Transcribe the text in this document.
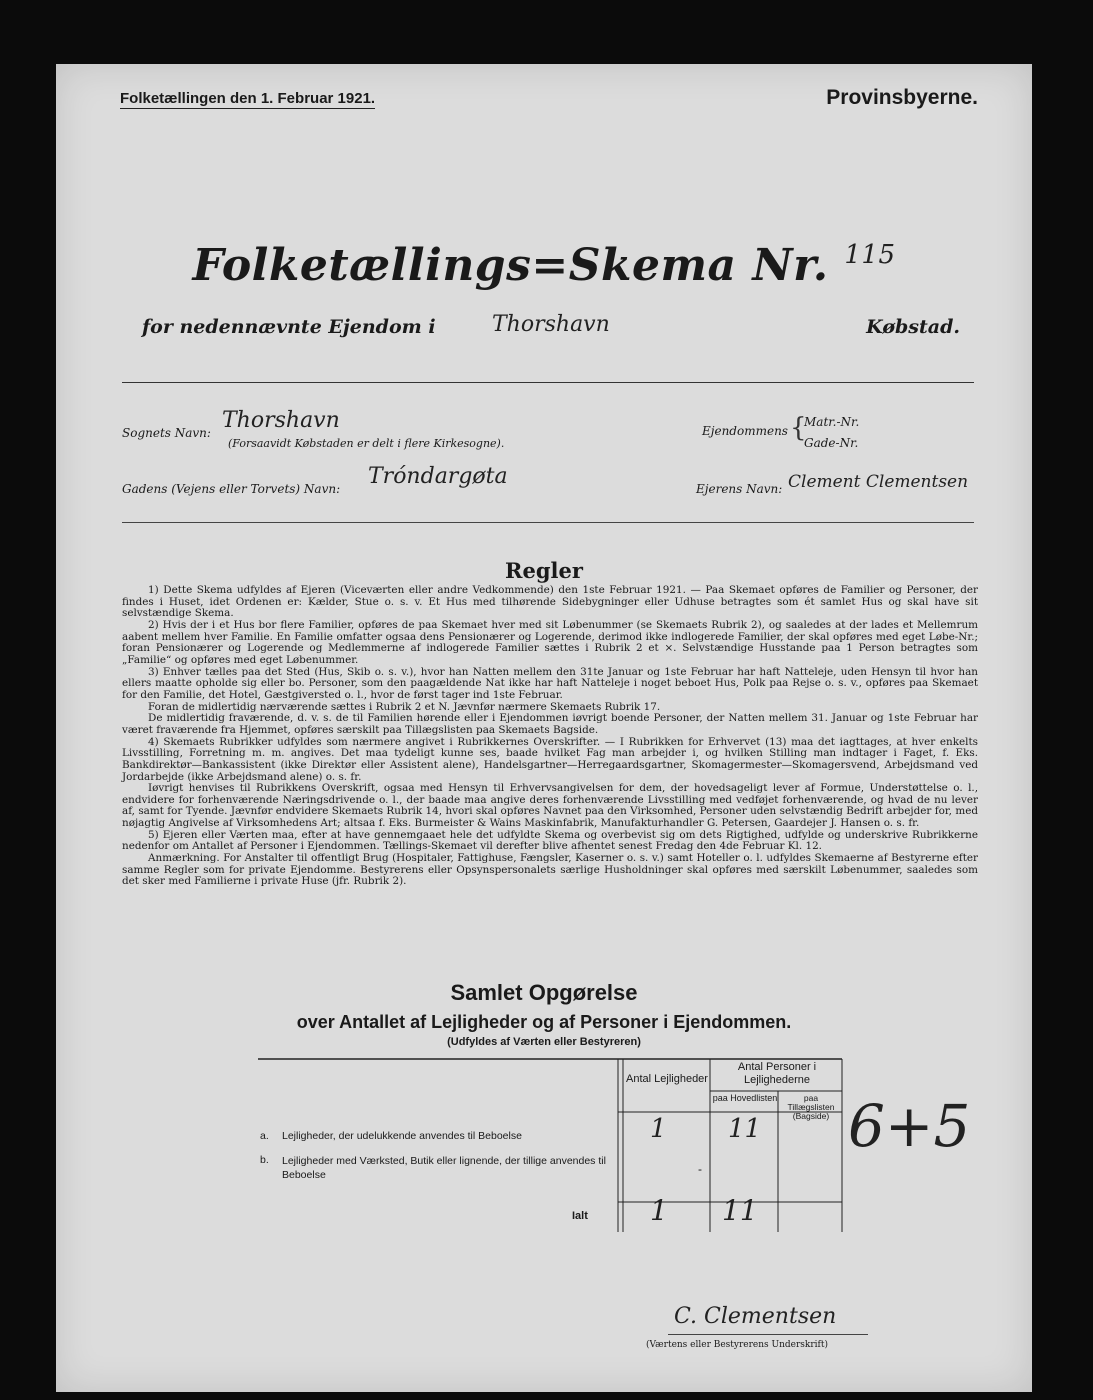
Folketællingen den 1. Februar 1921.	Provinsbyerne.
Folketællings=Skema Nr. $^{115}$
for nedennævnte Ejendom i	Thorshavn	Købstad.
Sognets Navn: Thorshavn
(Forsaavidt Købstaden er delt i flere Kirkesogne).
Ejendommens {
Matr.-Nr.
Gade-Nr.
Gadens (Vejens eller Torvets) Navn: Tróndargøta	Ejerens Navn: Clement Clementsen
Regler

1) Dette Skema udfyldes af Ejeren (Viceværten eller andre Vedkommende) den 1ste Februar 1921. — Paa Skemaet opføres de Familier og Personer, der findes i Huset, idet Ordenen er: Kælder, Stue o. s. v. Et Hus med tilhørende Sidebygninger eller Udhuse betragtes som ét samlet Hus og skal have sit selvstændige Skema.

2) Hvis der i et Hus bor flere Familier, opføres de paa Skemaet hver med sit Løbenummer (se Skemaets Rubrik 2), og saaledes at der lades et Mellemrum aabent mellem hver Familie. En Familie omfatter ogsaa dens Pensionærer og Logerende, derimod ikke indlogerede Familier, der skal opføres med eget Løbe-Nr.; foran Pensionærer og Logerende og Medlemmerne af indlogerede Familier sættes i Rubrik 2 et ×. Selvstændige Husstande paa 1 Person betragtes som „Familie“ og opføres med eget Løbenummer.

3) Enhver tælles paa det Sted (Hus, Skib o. s. v.), hvor han Natten mellem den 31te Januar og 1ste Februar har haft Natteleje, uden Hensyn til hvor han ellers maatte opholde sig eller bo. Personer, som den paagældende Nat ikke har haft Natteleje i noget beboet Hus, Polk paa Rejse o. s. v., opføres paa Skemaet for den Familie, det Hotel, Gæstgiversted o. l., hvor de først tager ind 1ste Februar.

Foran de midlertidig nærværende sættes i Rubrik 2 et N. Jævnfør nærmere Skemaets Rubrik 17.

De midlertidig fraværende, d. v. s. de til Familien hørende eller i Ejendommen iøvrigt boende Personer, der Natten mellem 31. Januar og 1ste Februar har været fraværende fra Hjemmet, opføres særskilt paa Tillægslisten paa Skemaets Bagside.

4) Skemaets Rubrikker udfyldes som nærmere angivet i Rubrikkernes Overskrifter. — I Rubrikken for Erhvervet (13) maa det iagttages, at hver enkelts Livsstilling, Forretning m. m. angives. Det maa tydeligt kunne ses, baade hvilket Fag man arbejder i, og hvilken Stilling man indtager i Faget, f. Eks. Bankdirektør—Bankassistent (ikke Direktør eller Assistent alene), Handelsgartner—Herregaardsgartner, Skomagermester—Skomagersvend, Arbejdsmand ved Jordarbejde (ikke Arbejdsmand alene) o. s. fr.

Iøvrigt henvises til Rubrikkens Overskrift, ogsaa med Hensyn til Erhvervsangivelsen for dem, der hovedsageligt lever af Formue, Understøttelse o. l., endvidere for forhenværende Næringsdrivende o. l., der baade maa angive deres forhenværende Livsstilling med vedføjet forhenværende, og hvad de nu lever af, samt for Tyende. Jævnfør endvidere Skemaets Rubrik 14, hvori skal opføres Navnet paa den Virksomhed, Personer uden selvstændig Bedrift arbejder for, med nøjagtig Angivelse af Virksomhedens Art; altsaa f. Eks. Burmeister & Wains Maskinfabrik, Manufakturhandler G. Petersen, Gaardejer J. Hansen o. s. fr.

5) Ejeren eller Værten maa, efter at have gennemgaaet hele det udfyldte Skema og overbevist sig om dets Rigtighed, udfylde og underskrive Rubrikkerne nedenfor om Antallet af Personer i Ejendommen. Tællings-Skemaet vil derefter blive afhentet senest Fredag den 4de Februar Kl. 12.

Anmærkning. For Anstalter til offentligt Brug (Hospitaler, Fattighuse, Fængsler, Kaserner o. s. v.) samt Hoteller o. l. udfyldes Skemaerne af Bestyrerne efter samme Regler som for private Ejendomme. Bestyrerens eller Opsynspersonalets særlige Husholdninger skal opføres med særskilt Løbenummer, saaledes som det sker med Familierne i private Huse (jfr. Rubrik 2).

Samlet Opgørelse
over Antallet af Lejligheder og af Personer i Ejendommen.
(Udfyldes af Værten eller Bestyreren)
Antal Lejligheder
Antal Personer i Lejlighederne
paa Hovedlisten	paa Tillægslisten (Bagside)
a. Lejligheder, der udelukkende anvendes til Beboelse	1 11
b. Lejligheder med Værksted, Butik eller lignende, der tillige anvendes til Beboelse	-
Ialt 1 11
6+5
C. Clementsen
(Værtens eller Bestyrerens Underskrift)
